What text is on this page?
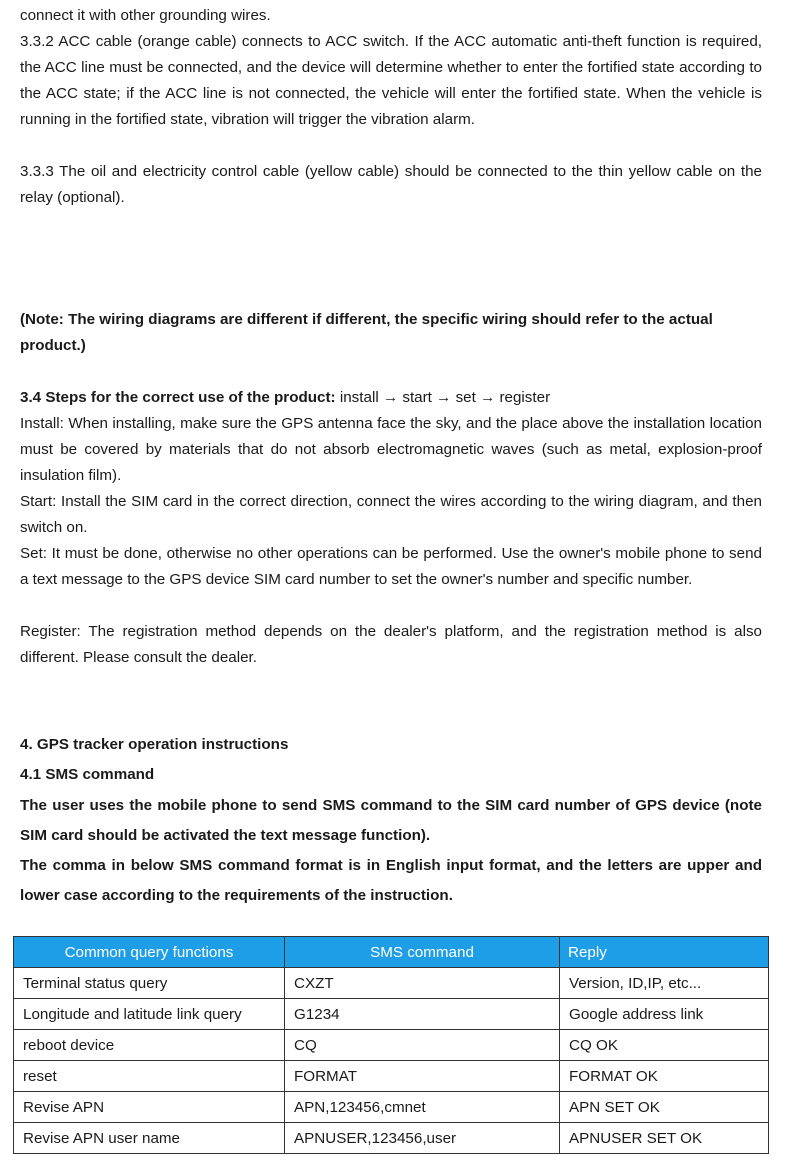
connect it with other grounding wires.

3.3.2 ACC cable (orange cable) connects to ACC switch. If the ACC automatic anti-theft function is required, the ACC line must be connected, and the device will determine whether to enter the fortified state according to the ACC state; if the ACC line is not connected, the vehicle will enter the fortified state. When the vehicle is running in the fortified state, vibration will trigger the vibration alarm.

3.3.3 The oil and electricity control cable (yellow cable) should be connected to the thin yellow cable on the relay (optional).

(Note: The wiring diagrams are different if different, the specific wiring should refer to the actual product.)

3.4 Steps for the correct use of the product: install → start → set → register

Install: When installing, make sure the GPS antenna face the sky, and the place above the installation location must be covered by materials that do not absorb electromagnetic waves (such as metal, explosion-proof insulation film).

Start: Install the SIM card in the correct direction, connect the wires according to the wiring diagram, and then switch on.

Set: It must be done, otherwise no other operations can be performed. Use the owner's mobile phone to send a text message to the GPS device SIM card number to set the owner's number and specific number.

Register: The registration method depends on the dealer's platform, and the registration method is also different. Please consult the dealer.

4. GPS tracker operation instructions

4.1 SMS command

The user uses the mobile phone to send SMS command to the SIM card number of GPS device (note SIM card should be activated the text message function).

The comma in below SMS command format is in English input format, and the letters are upper and lower case according to the requirements of the instruction.

Common query functions	SMS command	Reply
Terminal status query	CXZT	Version, ID,IP, etc...
Longitude and latitude link query	G1234	Google address link
reboot device	CQ	CQ OK
reset	FORMAT	FORMAT OK
Revise APN	APN,123456,cmnet	APN SET OK
Revise APN user name	APNUSER,123456,user	APNUSER SET OK
